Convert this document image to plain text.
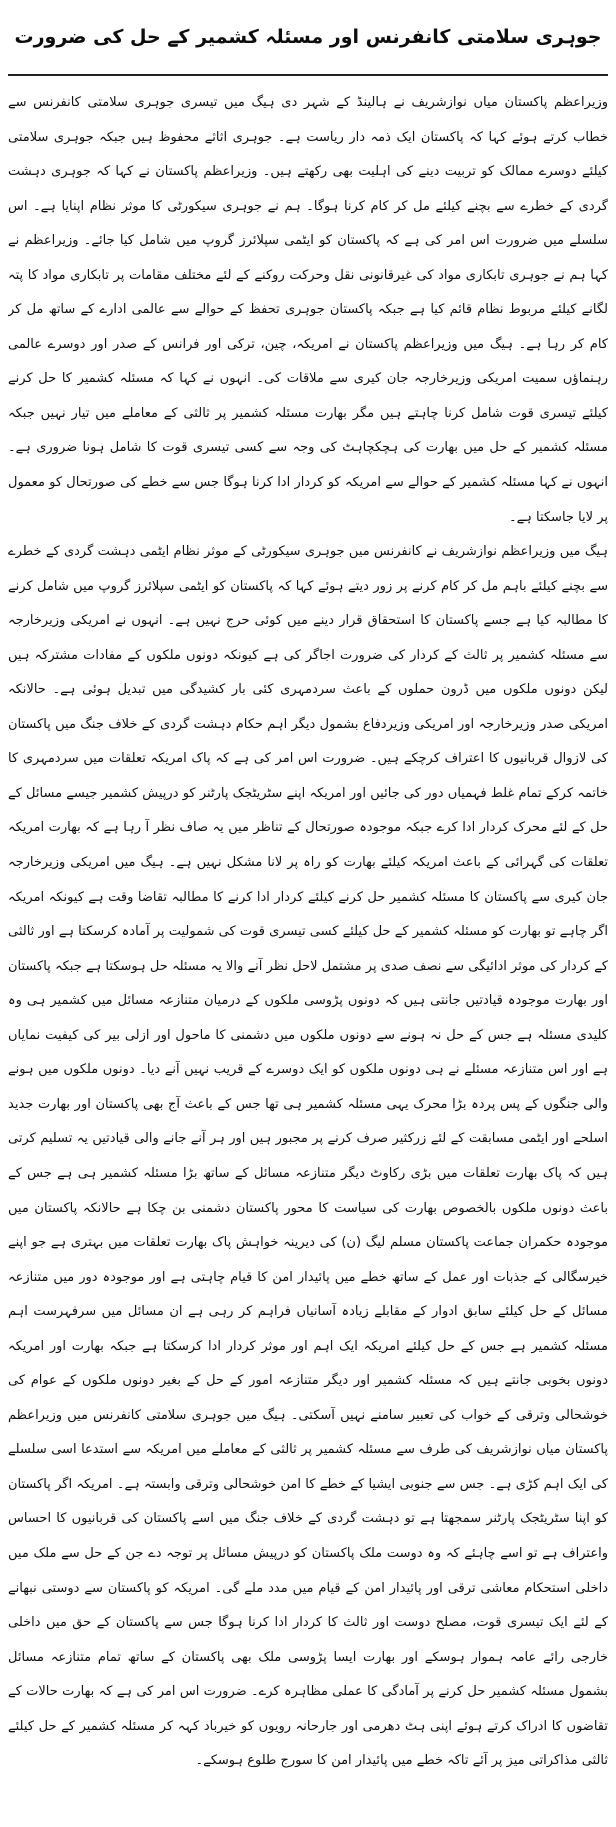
جوہری سلامتی کانفرنس اور مسئلہ کشمیر کے حل کی ضرورت

وزیراعظم پاکستان میاں نوازشریف نے ہالینڈ کے شہر دی ہیگ میں تیسری جوہری سلامتی کانفرنس سے خطاب کرتے ہوئے کہا کہ پاکستان ایک ذمہ دار ریاست ہے۔ جوہری اثاثے محفوظ ہیں جبکہ جوہری سلامتی کیلئے دوسرے ممالک کو تربیت دینے کی اہلیت بھی رکھتے ہیں۔ وزیراعظم پاکستان نے کہا کہ جوہری دہشت گردی کے خطرے سے بچنے کیلئے مل کر کام کرنا ہوگا۔ ہم نے جوہری سیکورٹی کا موثر نظام اپنایا ہے۔ اس سلسلے میں ضرورت اس امر کی ہے کہ پاکستان کو ایٹمی سپلائرز گروپ میں شامل کیا جائے۔ وزیراعظم نے کہا ہم نے جوہری تابکاری مواد کی غیرقانونی نقل وحرکت روکنے کے لئے مختلف مقامات پر تابکاری مواد کا پتہ لگانے کیلئے مربوط نظام قائم کیا ہے جبکہ پاکستان جوہری تحفظ کے حوالے سے عالمی ادارے کے ساتھ مل کر کام کر رہا ہے۔ ہیگ میں وزیراعظم پاکستان نے امریکہ، چین، ترکی اور فرانس کے صدر اور دوسرے عالمی رہنماؤں سمیت امریکی وزیرخارجہ جان کیری سے ملاقات کی۔ انہوں نے کہا کہ مسئلہ کشمیر کا حل کرنے کیلئے تیسری قوت شامل کرنا چاہتے ہیں مگر بھارت مسئلہ کشمیر پر ثالثی کے معاملے میں تیار نہیں جبکہ مسئلہ کشمیر کے حل میں بھارت کی ہچکچاہٹ کی وجہ سے کسی تیسری قوت کا شامل ہونا ضروری ہے۔ انہوں نے کہا مسئلہ کشمیر کے حوالے سے امریکہ کو کردار ادا کرنا ہوگا جس سے خطے کی صورتحال کو معمول پر لایا جاسکتا ہے۔

ہیگ میں وزیراعظم نوازشریف نے کانفرنس میں جوہری سیکورٹی کے موثر نظام ایٹمی دہشت گردی کے خطرے سے بچنے کیلئے باہم مل کر کام کرنے پر زور دیتے ہوئے کہا کہ پاکستان کو ایٹمی سپلائرز گروپ میں شامل کرنے کا مطالبہ کیا ہے جسے پاکستان کا استحقاق قرار دینے میں کوئی حرج نہیں ہے۔ انہوں نے امریکی وزیرخارجہ سے مسئلہ کشمیر پر ثالث کے کردار کی ضرورت اجاگر کی ہے کیونکہ دونوں ملکوں کے مفادات مشترکہ ہیں لیکن دونوں ملکوں میں ڈرون حملوں کے باعث سردمہری کئی بار کشیدگی میں تبدیل ہوئی ہے۔ حالانکہ امریکی صدر وزیرخارجہ اور امریکی وزیردفاع بشمول دیگر اہم حکام دہشت گردی کے خلاف جنگ میں پاکستان کی لازوال قربانیوں کا اعتراف کرچکے ہیں۔ ضرورت اس امر کی ہے کہ پاک امریکہ تعلقات میں سردمہری کا خاتمہ کرکے تمام غلط فہمیاں دور کی جائیں اور امریکہ اپنے سٹریٹجک پارٹنر کو درپیش کشمیر جیسے مسائل کے حل کے لئے محرک کردار ادا کرے جبکہ موجودہ صورتحال کے تناظر میں یہ صاف نظر آ رہا ہے کہ بھارت امریکہ تعلقات کی گہرائی کے باعث امریکہ کیلئے بھارت کو راہ پر لانا مشکل نہیں ہے۔ ہیگ میں امریکی وزیرخارجہ جان کیری سے پاکستان کا مسئلہ کشمیر حل کرنے کیلئے کردار ادا کرنے کا مطالبہ تقاضا وقت ہے کیونکہ امریکہ اگر چاہے تو بھارت کو مسئلہ کشمیر کے حل کیلئے کسی تیسری قوت کی شمولیت پر آمادہ کرسکتا ہے اور ثالثی کے کردار کی موثر ادائیگی سے نصف صدی پر مشتمل لاحل نظر آنے والا یہ مسئلہ حل ہوسکتا ہے جبکہ پاکستان اور بھارت موجودہ قیادتیں جانتی ہیں کہ دونوں پڑوسی ملکوں کے درمیان متنازعہ مسائل میں کشمیر ہی وہ کلیدی مسئلہ ہے جس کے حل نہ ہونے سے دونوں ملکوں میں دشمنی کا ماحول اور ازلی بیر کی کیفیت نمایاں ہے اور اس متنازعہ مسئلے نے ہی دونوں ملکوں کو ایک دوسرے کے قریب نہیں آنے دیا۔ دونوں ملکوں میں ہونے والی جنگوں کے پس پردہ بڑا محرک یہی مسئلہ کشمیر ہی تھا جس کے باعث آج بھی پاکستان اور بھارت جدید اسلحے اور ایٹمی مسابقت کے لئے زرکثیر صرف کرنے پر مجبور ہیں اور ہر آنے جانے والی قیادتیں یہ تسلیم کرتی ہیں کہ پاک بھارت تعلقات میں بڑی رکاوٹ دیگر متنازعہ مسائل کے ساتھ بڑا مسئلہ کشمیر ہی ہے جس کے باعث دونوں ملکوں بالخصوص بھارت کی سیاست کا محور پاکستان دشمنی بن چکا ہے حالانکہ پاکستان میں موجودہ حکمران جماعت پاکستان مسلم لیگ (ن) کی دیرینہ خواہش پاک بھارت تعلقات میں بہتری ہے جو اپنے خیرسگالی کے جذبات اور عمل کے ساتھ خطے میں پائیدار امن کا قیام چاہتی ہے اور موجودہ دور میں متنازعہ مسائل کے حل کیلئے سابق ادوار کے مقابلے زیادہ آسانیاں فراہم کر رہی ہے ان مسائل میں سرفہرست اہم مسئلہ کشمیر ہے جس کے حل کیلئے امریکہ ایک اہم اور موثر کردار ادا کرسکتا ہے جبکہ بھارت اور امریکہ دونوں بخوبی جانتے ہیں کہ مسئلہ کشمیر اور دیگر متنازعہ امور کے حل کے بغیر دونوں ملکوں کے عوام کی خوشحالی وترقی کے خواب کی تعبیر سامنے نہیں آسکتی۔ ہیگ میں جوہری سلامتی کانفرنس میں وزیراعظم پاکستان میاں نوازشریف کی طرف سے مسئلہ کشمیر پر ثالثی کے معاملے میں امریکہ سے استدعا اسی سلسلے کی ایک اہم کڑی ہے۔ جس سے جنوبی ایشیا کے خطے کا امن خوشحالی وترقی وابستہ ہے۔ امریکہ اگر پاکستان کو اپنا سٹریٹجک پارٹنر سمجھتا ہے تو دہشت گردی کے خلاف جنگ میں اسے پاکستان کی قربانیوں کا احساس واعتراف ہے تو اسے چاہئے کہ وہ دوست ملک پاکستان کو درپیش مسائل پر توجہ دے جن کے حل سے ملک میں داخلی استحکام معاشی ترقی اور پائیدار امن کے قیام میں مدد ملے گی۔ امریکہ کو پاکستان سے دوستی نبھانے کے لئے ایک تیسری قوت، مصلح دوست اور ثالث کا کردار ادا کرنا ہوگا جس سے پاکستان کے حق میں داخلی خارجی رائے عامہ ہموار ہوسکے اور بھارت ایسا پڑوسی ملک بھی پاکستان کے ساتھ تمام متنازعہ مسائل بشمول مسئلہ کشمیر حل کرنے پر آمادگی کا عملی مظاہرہ کرے۔ ضرورت اس امر کی ہے کہ بھارت حالات کے تقاضوں کا ادراک کرتے ہوئے اپنی ہٹ دھرمی اور جارحانہ رویوں کو خیرباد کہہ کر مسئلہ کشمیر کے حل کیلئے ثالثی مذاکراتی میز پر آئے تاکہ خطے میں پائیدار امن کا سورج طلوع ہوسکے۔
